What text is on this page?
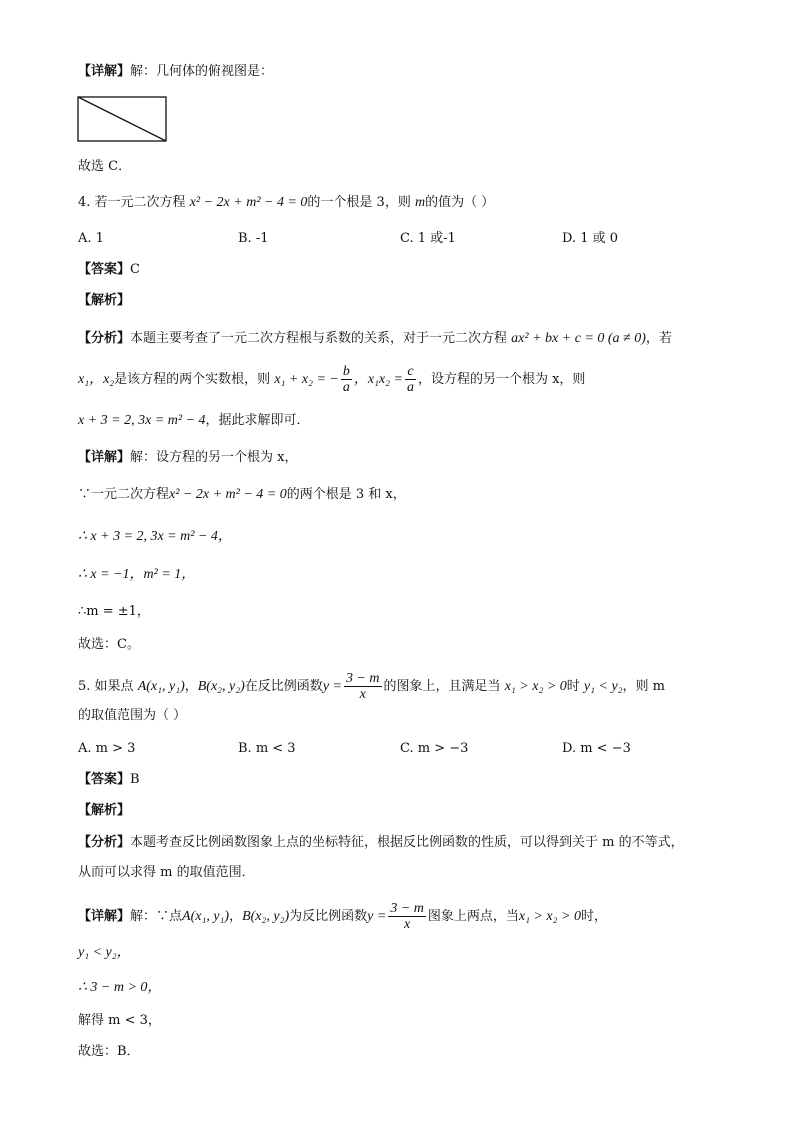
【详解】解：几何体的俯视图是：
故选 C．
4. 若一元二次方程 x² − 2x + m² − 4 = 0的一个根是 3，则 m的值为（ ）
A. 1	B. -1	C. 1 或-1	D. 1 或 0
【答案】C
【解析】
【分析】本题主要考查了一元二次方程根与系数的关系，对于一元二次方程 ax² + bx + c = 0 (a ≠ 0)，若
x₁，x₂是该方程的两个实数根，则 x₁ + x₂ = − $\frac{b}{a}$ ，$x_1x_2 = \frac{c}{a}$ ，设方程的另一个根为 x，则
x + 3 = 2, 3x = m² − 4，据此求解即可．
【详解】解：设方程的另一个根为 x，
∵一元二次方程x² − 2x + m² − 4 = 0的两个根是 3 和 x，
∴ x + 3 = 2, 3x = m² − 4，
∴ x = −1，m² = 1，
∴m = ±1，
故选：C。
5. 如果点 A(x₁, y₁)，B(x₂, y₂)在反比例函数$y = \frac{3 - m}{x}$ 的图象上，且满足当 x₁ > x₂ > 0时 y₁ < y₂，则 m
的取值范围为（ ）
A. m > 3	B. m < 3	C. m > −3	D. m < −3
【答案】B
【解析】
【分析】本题考查反比例函数图象上点的坐标特征，根据反比例函数的性质，可以得到关于 m 的不等式，
从而可以求得 m 的取值范围．
【详解】解：∵点A(x₁, y₁)，B(x₂, y₂)为反比例函数$y = \frac{3 - m}{x}$ 图象上两点，当x₁ > x₂ > 0时，
y₁ < y₂，
∴ 3 − m > 0，
解得 m < 3，
故选：B．
